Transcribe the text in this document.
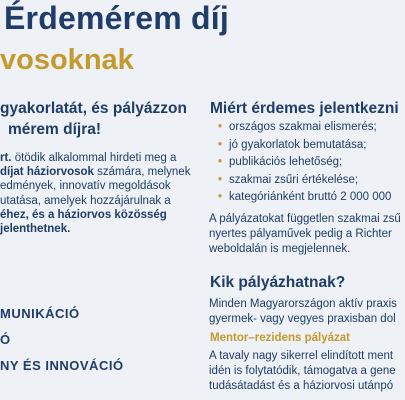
Érdemérem díj
vosoknak
gyakorlatát, és pályázzon
mérem díjra!
rt. ötödik alkalommal hirdeti meg a
díjat háziorvosok számára, melynek
edmények, innovatív megoldások
utatása, amelyek hozzájárulnak a
éhez, és a háziorvos közösség
jelenthetnek.
MUNIKÁCIÓ
Ó
NY ÉS INNOVÁCIÓ
Miért érdemes jelentkezni
• országos szakmai elismerés;
• jó gyakorlatok bemutatása;
• publikációs lehetőség;
• szakmai zsűri értékelése;
• kategóriánként bruttó 2 000 000
A pályázatokat független szakmai zsű
nyertes pályaművek pedig a Richter
weboldalán is megjelennek.
Kik pályázhatnak?
Minden Magyarországon aktív praxis
gyermek- vagy vegyes praxisban dol
Mentor–rezidens pályázat
A tavaly nagy sikerrel elindított ment
idén is folytatódik, támogatva a gene
tudásátadást és a háziorvosi utánpó
